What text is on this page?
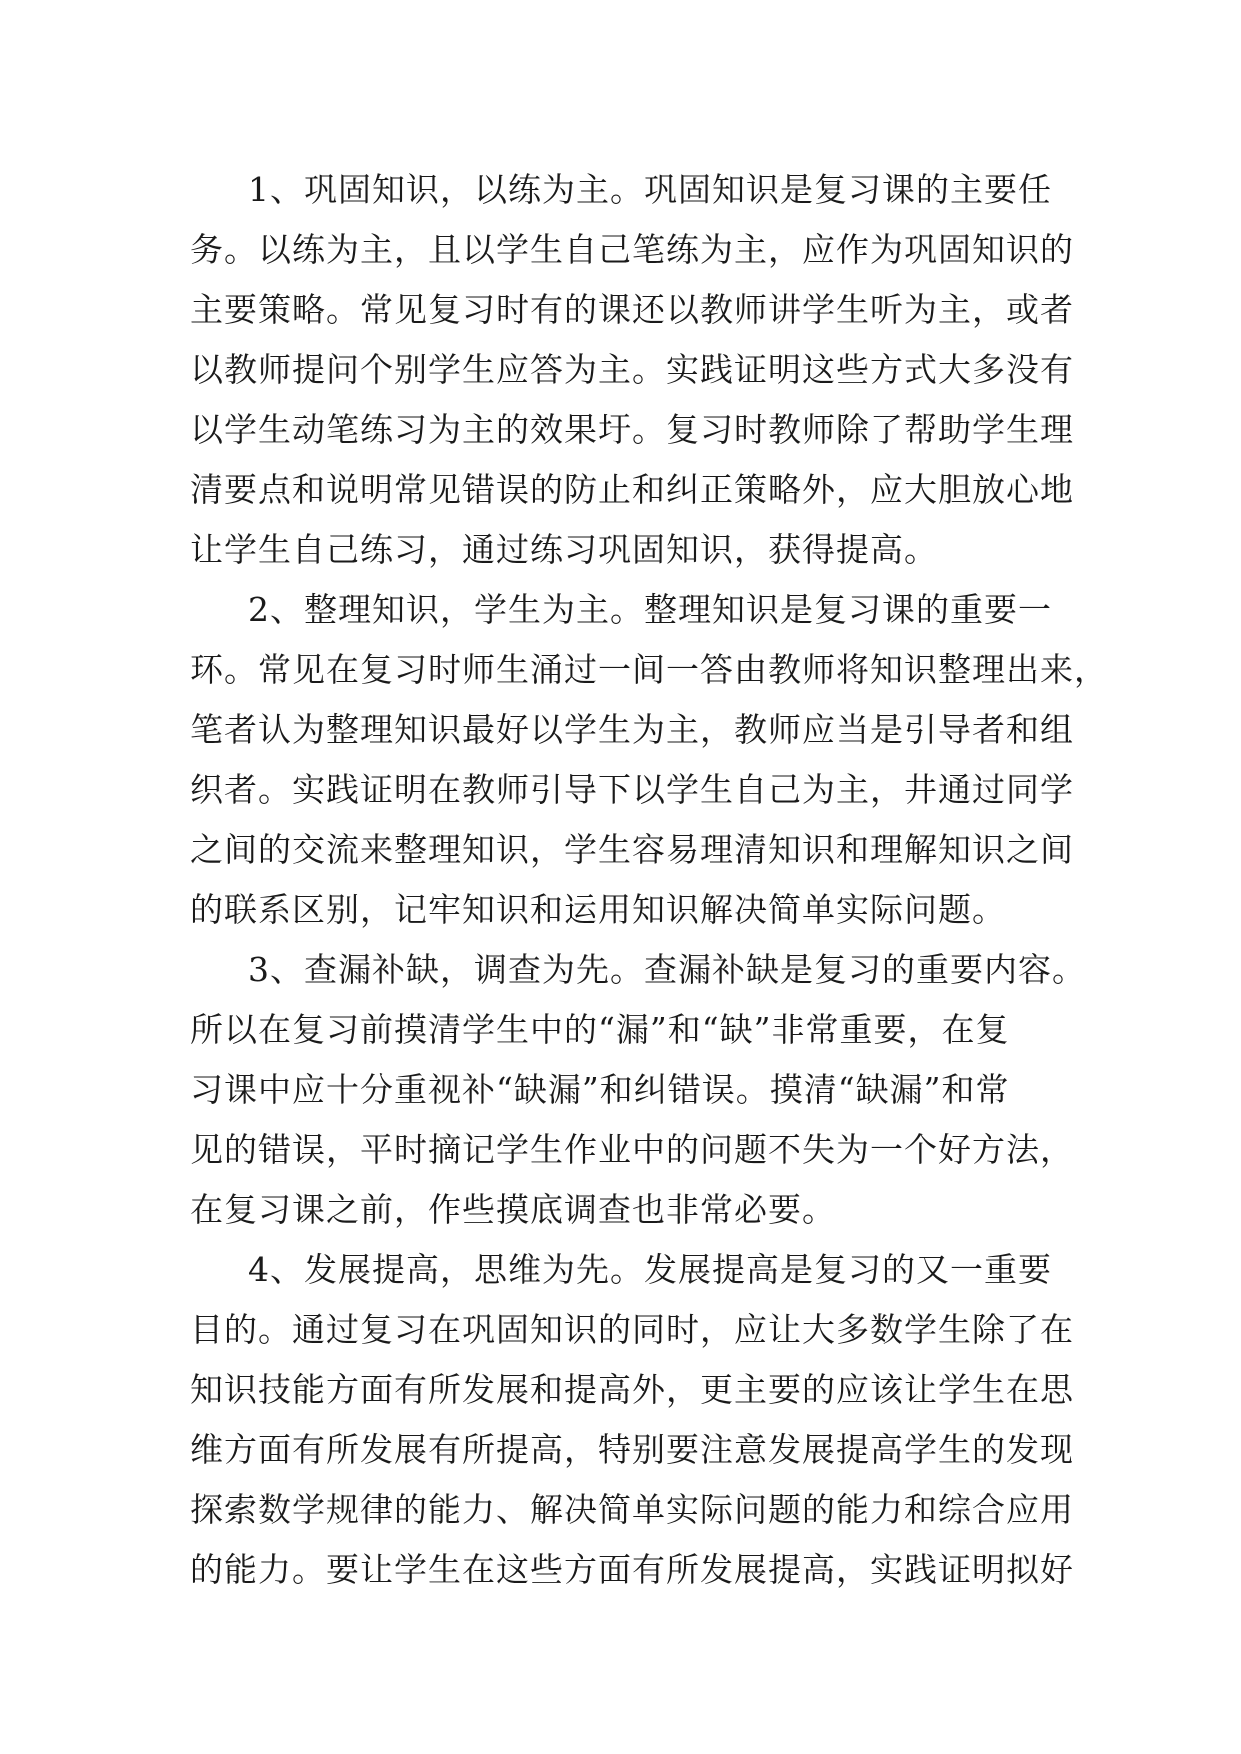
1、巩固知识，以练为主。巩固知识是复习课的主要任
务。以练为主，且以学生自己笔练为主，应作为巩固知识的
主要策略。常见复习时有的课还以教师讲学生听为主，或者
以教师提问个别学生应答为主。实践证明这些方式大多没有
以学生动笔练习为主的效果圩。复习时教师除了帮助学生理
清要点和说明常见错误的防止和纠正策略外，应大胆放心地
让学生自己练习，通过练习巩固知识，获得提高。
2、整理知识，学生为主。整理知识是复习课的重要一
环。常见在复习时师生涌过一间一答由教师将知识整理出来，
笔者认为整理知识最好以学生为主，教师应当是引导者和组
织者。实践证明在教师引导下以学生自己为主，井通过同学
之间的交流来整理知识，学生容易理清知识和理解知识之间
的联系区别，记牢知识和运用知识解决简单实际问题。
3、查漏补缺，调查为先。查漏补缺是复习的重要内容。
所以在复习前摸清学生中的“漏”和“缺”非常重要，在复
习课中应十分重视补“缺漏”和纠错误。摸清“缺漏”和常
见的错误，平时摘记学生作业中的问题不失为一个好方法，
在复习课之前，作些摸底调查也非常必要。
4、发展提高，思维为先。发展提高是复习的又一重要
目的。通过复习在巩固知识的同时，应让大多数学生除了在
知识技能方面有所发展和提高外，更主要的应该让学生在思
维方面有所发展有所提高，特别要注意发展提高学生的发现
探索数学规律的能力、解决简单实际问题的能力和综合应用
的能力。要让学生在这些方面有所发展提高，实践证明拟好
